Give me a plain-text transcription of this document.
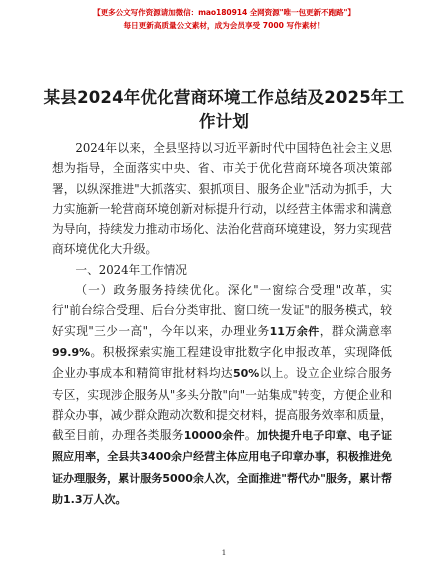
【更多公文写作资源请加微信：mao180914 全网资源"唯一包更新不跑路"】
每日更新高质量公文素材，成为会员享受 7000 写作素材！
某县2024年优化营商环境工作总结及2025年工作计划

2024年以来，全县坚持以习近平新时代中国特色社会主义思想为指导，全面落实中央、省、市关于优化营商环境各项决策部署，以纵深推进"大抓落实、狠抓项目、服务企业"活动为抓手，大力实施新一轮营商环境创新对标提升行动，以经营主体需求和满意为导向，持续发力推动市场化、法治化营商环境建设，努力实现营商环境优化大升级。

一、2024年工作情况

（一）政务服务持续优化。深化"一窗综合受理"改革，实行"前台综合受理、后台分类审批、窗口统一发证"的服务模式，较好实现"三少一高"，今年以来，办理业务11万余件，群众满意率99.9%。积极探索实施工程建设审批数字化申报改革，实现降低企业办事成本和精简审批材料均达50%以上。设立企业综合服务专区，实现涉企服务从"多头分散"向"一站集成"转变，方便企业和群众办事，减少群众跑动次数和提交材料，提高服务效率和质量，截至目前，办理各类服务10000余件。加快提升电子印章、电子证照应用率，全县共3400余户经营主体应用电子印章办事，积极推进免证办理服务，累计服务5000余人次，全面推进"帮代办"服务，累计帮助1.3万人次。

1
